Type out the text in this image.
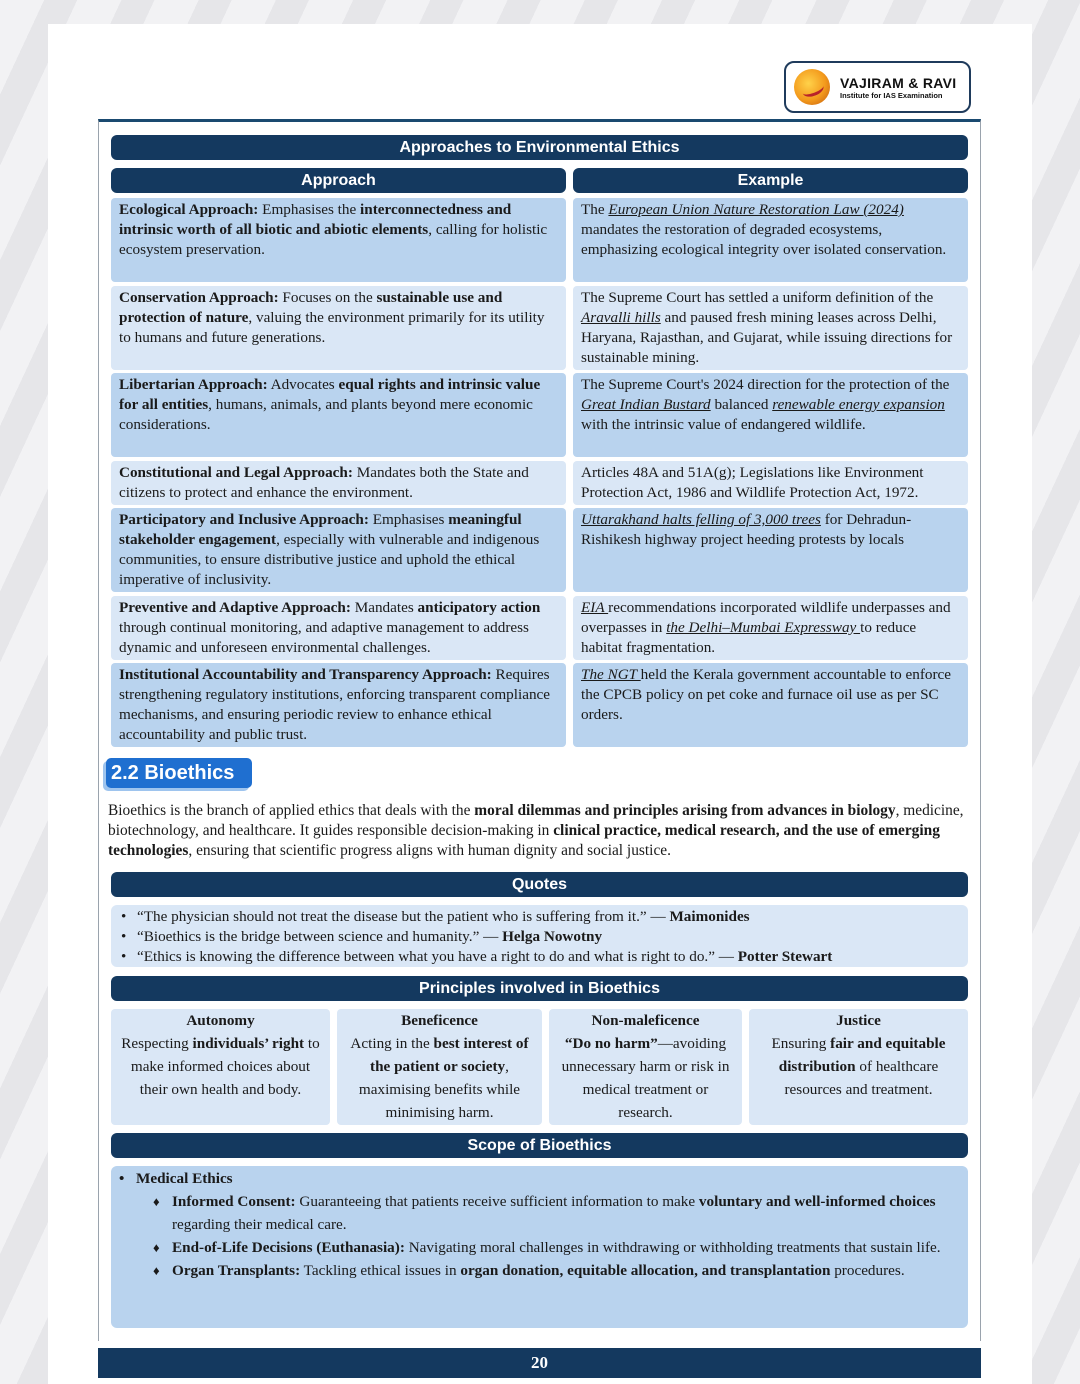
VAJIRAM & RAVI
Institute for IAS Examination
Approaches to Environmental Ethics
Approach	Example
Ecological Approach: Emphasises the interconnectedness and intrinsic worth of all biotic and abiotic elements, calling for holistic ecosystem preservation.
The European Union Nature Restoration Law (2024) mandates the restoration of degraded ecosystems, emphasizing ecological integrity over isolated conservation.
Conservation Approach: Focuses on the sustainable use and protection of nature, valuing the environment primarily for its utility to humans and future generations.
The Supreme Court has settled a uniform definition of the Aravalli hills and paused fresh mining leases across Delhi, Haryana, Rajasthan, and Gujarat, while issuing directions for sustainable mining.
Libertarian Approach: Advocates equal rights and intrinsic value for all entities, humans, animals, and plants beyond mere economic considerations.
The Supreme Court's 2024 direction for the protection of the Great Indian Bustard balanced renewable energy expansion with the intrinsic value of endangered wildlife.
Constitutional and Legal Approach: Mandates both the State and citizens to protect and enhance the environment.
Articles 48A and 51A(g); Legislations like Environment Protection Act, 1986 and Wildlife Protection Act, 1972.
Participatory and Inclusive Approach: Emphasises meaningful stakeholder engagement, especially with vulnerable and indigenous communities, to ensure distributive justice and uphold the ethical imperative of inclusivity.
Uttarakhand halts felling of 3,000 trees for Dehradun-Rishikesh highway project heeding protests by locals
Preventive and Adaptive Approach: Mandates anticipatory action through continual monitoring, and adaptive management to address dynamic and unforeseen environmental challenges.
EIA recommendations incorporated wildlife underpasses and overpasses in the Delhi–Mumbai Expressway to reduce habitat fragmentation.
Institutional Accountability and Transparency Approach: Requires strengthening regulatory institutions, enforcing transparent compliance mechanisms, and ensuring periodic review to enhance ethical accountability and public trust.
The NGT held the Kerala government accountable to enforce the CPCB policy on pet coke and furnace oil use as per SC orders.
2.2 Bioethics
Bioethics is the branch of applied ethics that deals with the moral dilemmas and principles arising from advances in biology, medicine, biotechnology, and healthcare. It guides responsible decision-making in clinical practice, medical research, and the use of emerging technologies, ensuring that scientific progress aligns with human dignity and social justice.
Quotes
• “The physician should not treat the disease but the patient who is suffering from it.” — Maimonides
• “Bioethics is the bridge between science and humanity.” — Helga Nowotny
• “Ethics is knowing the difference between what you have a right to do and what is right to do.” — Potter Stewart
Principles involved in Bioethics
Autonomy
Respecting individuals’ right to make informed choices about their own health and body.
Beneficence
Acting in the best interest of the patient or society, maximising benefits while minimising harm.
Non-maleficence
“Do no harm”—avoiding unnecessary harm or risk in medical treatment or research.
Justice
Ensuring fair and equitable distribution of healthcare resources and treatment.
Scope of Bioethics
• Medical Ethics
♦ Informed Consent: Guaranteeing that patients receive sufficient information to make voluntary and well-informed choices regarding their medical care.
♦ End-of-Life Decisions (Euthanasia): Navigating moral challenges in withdrawing or withholding treatments that sustain life.
♦ Organ Transplants: Tackling ethical issues in organ donation, equitable allocation, and transplantation procedures.
20
